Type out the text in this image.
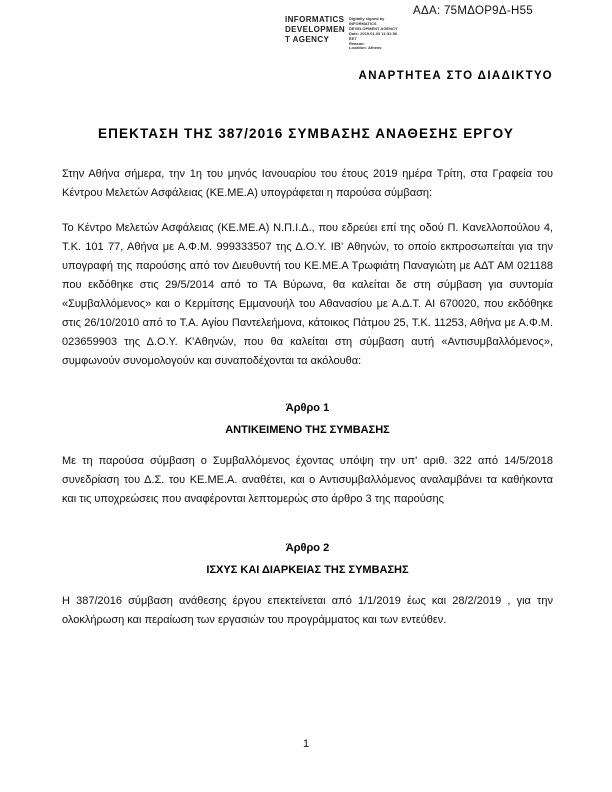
ΑΔΑ: 75ΜΔΟΡ9Δ-Η55
INFORMATICS
DEVELOPMEN
T AGENCY
Digitally signed by
INFORMATICS
DEVELOPMENT AGENCY
Date: 2019.01.03 11:31:56
EET
Reason:
Location: Athens
ΑΝΑΡΤΗΤΕΑ ΣΤΟ ΔΙΑΔΙΚΤΥΟ
ΕΠΕΚΤΑΣΗ ΤΗΣ 387/2016 ΣΥΜΒΑΣΗΣ ΑΝΑΘΕΣΗΣ ΕΡΓΟΥ

Στην Αθήνα σήμερα, την 1η του μηνός Ιανουαρίου του έτους 2019 ημέρα Τρίτη, στα Γραφεία του Κέντρου Μελετών Ασφάλειας (ΚΕ.ΜΕ.Α) υπογράφεται η παρούσα σύμβαση:

Το Κέντρο Μελετών Ασφάλειας (ΚΕ.ΜΕ.Α) Ν.Π.Ι.Δ., που εδρεύει επί της οδού Π. Κανελλοπούλου 4, Τ.Κ. 101 77, Αθήνα με Α.Φ.Μ. 999333507 της Δ.Ο.Υ. ΙΒ' Αθηνών, το οποίο εκπροσωπείται για την υπογραφή της παρούσης από τον Διευθυντή του ΚΕ.ΜΕ.Α Τρωφιάτη Παναγιώτη με ΑΔΤ ΑΜ 021188 που εκδόθηκε στις 29/5/2014 από το ΤΑ Βύρωνα, θα καλείται δε στη σύμβαση για συντομία «Συμβαλλόμενος» και ο Κερμίτσης Εμμανουήλ του Αθανασίου με Α.Δ.Τ. ΑΙ 670020, που εκδόθηκε στις 26/10/2010 από το Τ.Α. Αγίου Παντελεήμονα, κάτοικος Πάτμου 25, Τ.Κ. 11253, Αθήνα με Α.Φ.Μ. 023659903 της Δ.Ο.Υ. Κ'Αθηνών, που θα καλείται στη σύμβαση αυτή «Αντισυμβαλλόμενος», συμφωνούν συνομολογούν και συναποδέχονται τα ακόλουθα:

Άρθρο 1
ΑΝΤΙΚΕΙΜΕΝΟ ΤΗΣ ΣΥΜΒΑΣΗΣ

Με τη παρούσα σύμβαση ο Συμβαλλόμενος έχοντας υπόψη την υπ' αριθ. 322 από 14/5/2018 συνεδρίαση του Δ.Σ. του ΚΕ.ΜΕ.Α. αναθέτει, και ο Αντισυμβαλλόμενος αναλαμβάνει τα καθήκοντα και τις υποχρεώσεις που αναφέρονται λεπτομερώς στο άρθρο 3 της παρούσης

Άρθρο 2
ΙΣΧΥΣ ΚΑΙ ΔΙΑΡΚΕΙΑΣ ΤΗΣ ΣΥΜΒΑΣΗΣ

Η 387/2016 σύμβαση ανάθεσης έργου επεκτείνεται από 1/1/2019 έως και 28/2/2019 , για την ολοκλήρωση και περαίωση των εργασιών του προγράμματος και των εντεύθεν.

1
